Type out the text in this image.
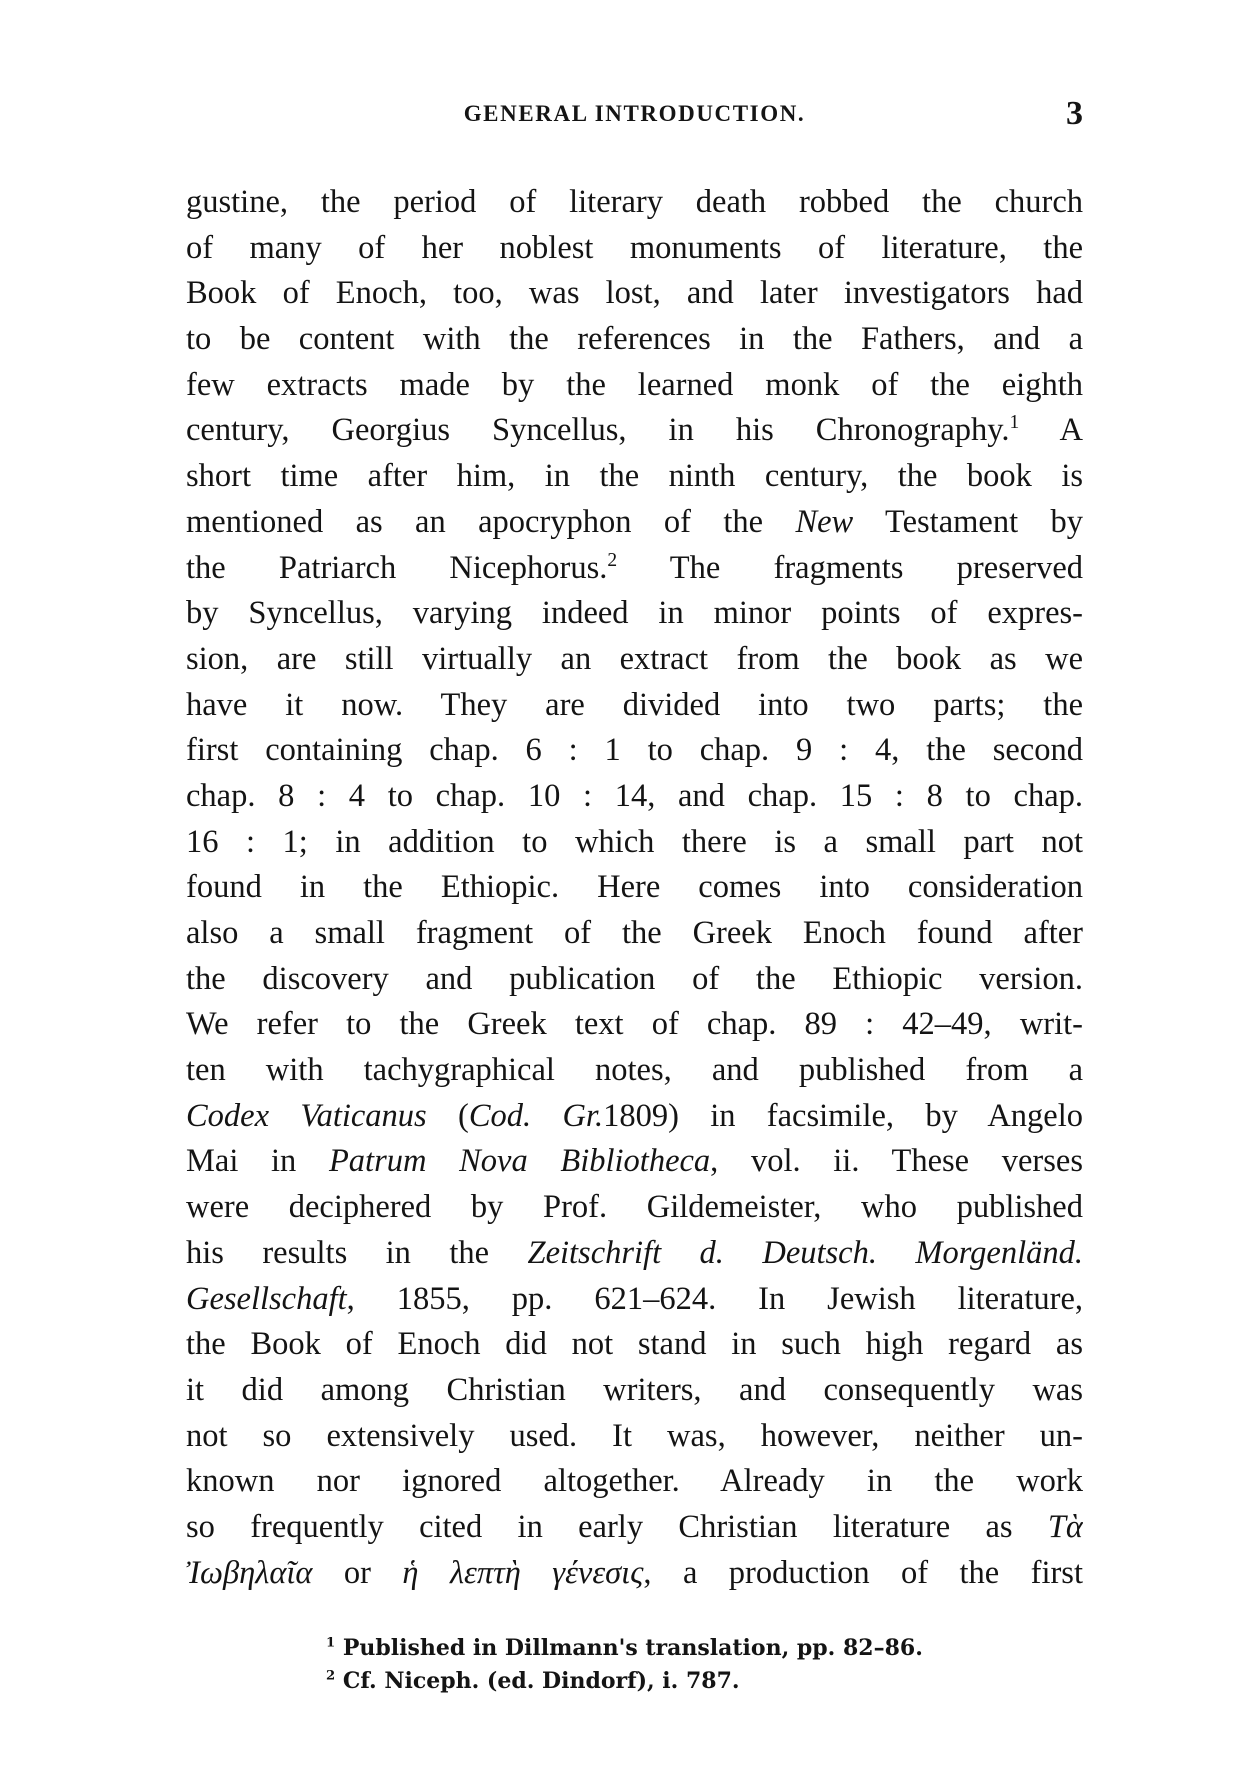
GENERAL INTRODUCTION.	3
gustine, the period of literary death robbed the church
of many of her noblest monuments of literature, the
Book of Enoch, too, was lost, and later investigators had
to be content with the references in the Fathers, and a
few extracts made by the learned monk of the eighth
century, Georgius Syncellus, in his Chronography.$^1$ A
short time after him, in the ninth century, the book is
mentioned as an apocryphon of the New Testament by
the Patriarch Nicephorus.$^2$ The fragments preserved
by Syncellus, varying indeed in minor points of expres-
sion, are still virtually an extract from the book as we
have it now. They are divided into two parts; the
first containing chap. 6 : 1 to chap. 9 : 4, the second
chap. 8 : 4 to chap. 10 : 14, and chap. 15 : 8 to chap.
16 : 1; in addition to which there is a small part not
found in the Ethiopic. Here comes into consideration
also a small fragment of the Greek Enoch found after
the discovery and publication of the Ethiopic version.
We refer to the Greek text of chap. 89 : 42–49, writ-
ten with tachygraphical notes, and published from a
Codex Vaticanus (Cod. Gr.1809) in facsimile, by Angelo
Mai in Patrum Nova Bibliotheca, vol. ii. These verses
were deciphered by Prof. Gildemeister, who published
his results in the Zeitschrift d. Deutsch. Morgenländ.
Gesellschaft, 1855, pp. 621–624. In Jewish literature,
the Book of Enoch did not stand in such high regard as
it did among Christian writers, and consequently was
not so extensively used. It was, however, neither un-
known nor ignored altogether. Already in the work
so frequently cited in early Christian literature as Τὰ
Ἰωβηλαῖα or ἡ λεπτὴ γένεσις, a production of the first
$^1$ Published in Dillmann's translation, pp. 82–86.
$^2$ Cf. Niceph. (ed. Dindorf), i. 787.
